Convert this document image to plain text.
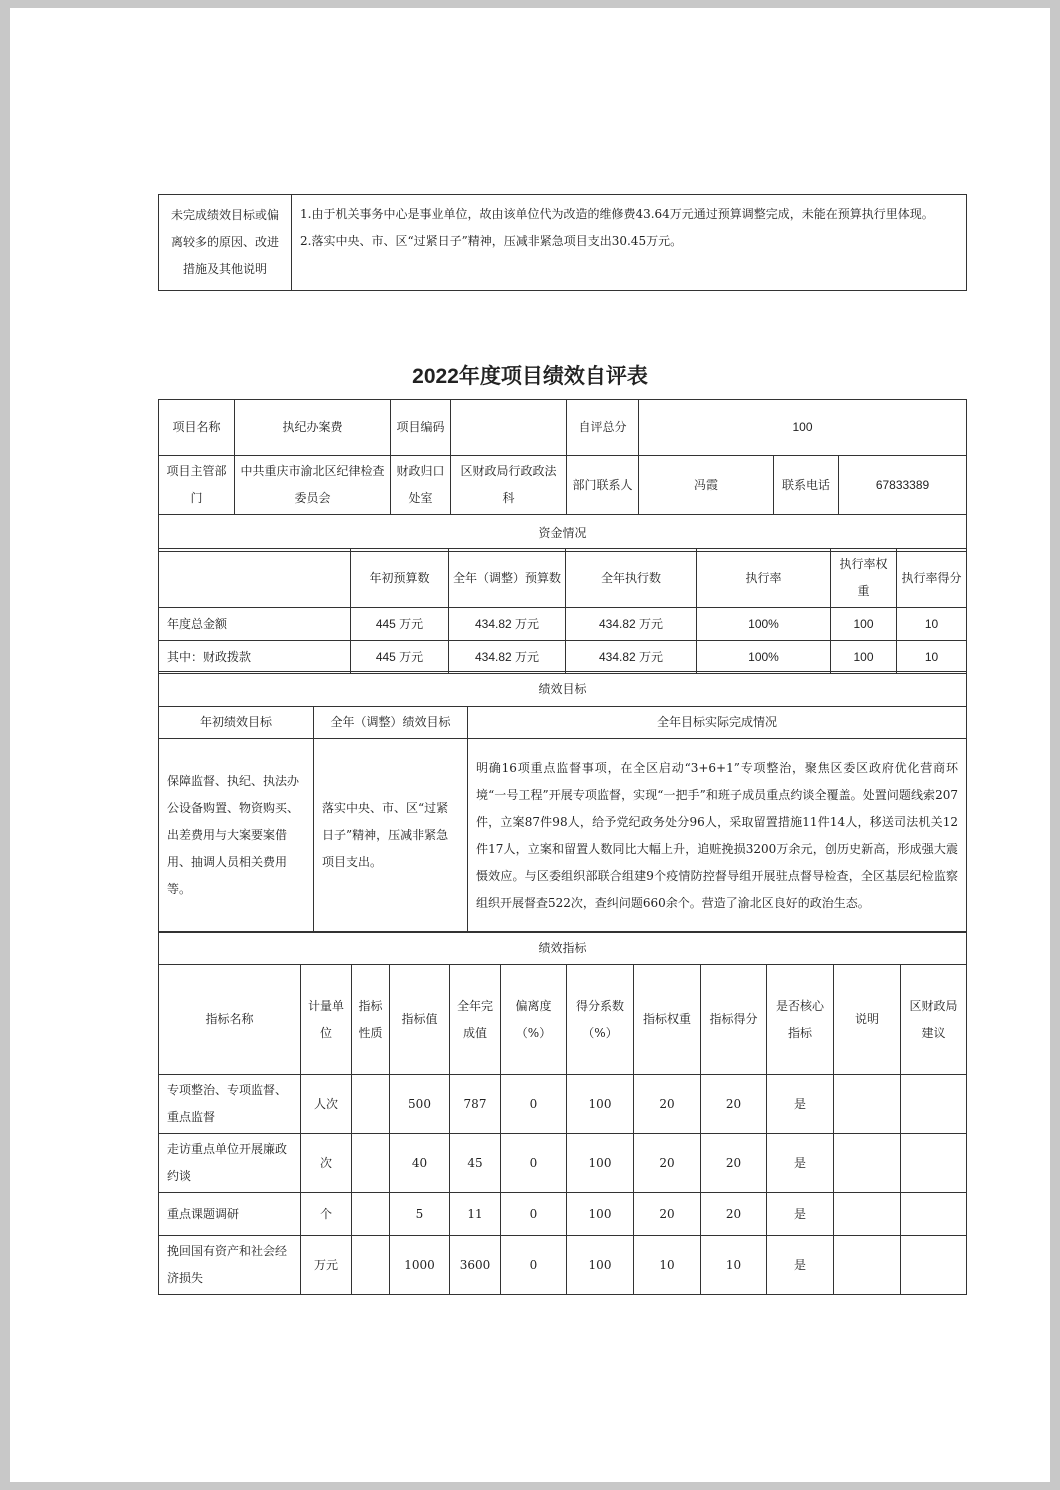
未完成绩效目标或偏离较多的原因、改进措施及其他说明	
1.由于机关事务中心是事业单位，故由该单位代为改造的维修费43.64万元通过预算调整完成，未能在预算执行里体现。
2.落实中央、市、区“过紧日子”精神，压减非紧急项目支出30.45万元。
2022年度项目绩效自评表
项目名称	执纪办案费	项目编码		自评总分	100		
项目主管部门	中共重庆市渝北区纪律检查委员会	财政归口处室	区财政局行政政法科	部门联系人	冯霞	联系电话	67833389
资金情况							
	年初预算数	全年（调整）预算数	全年执行数	执行率	执行率权重	执行率得分
年度总金额	445 万元	434.82 万元	434.82 万元	100%	100	10
其中：财政拨款	445 万元	434.82 万元	434.82 万元	100%	100	10
绩效目标		
年初绩效目标	全年（调整）绩效目标	全年目标实际完成情况
保障监督、执纪、执法办公设备购置、物资购买、出差费用与大案要案借用、抽调人员相关费用等。	落实中央、市、区“过紧日子”精神，压减非紧急项目支出。	明确16项重点监督事项，在全区启动“3+6+1”专项整治，聚焦区委区政府优化营商环境“一号工程”开展专项监督，实现“一把手”和班子成员重点约谈全覆盖。处置问题线索207件，立案87件98人，给予党纪政务处分96人，采取留置措施11件14人，移送司法机关12件17人，立案和留置人数同比大幅上升，追赃挽损3200万余元，创历史新高，形成强大震慑效应。与区委组织部联合组建9个疫情防控督导组开展驻点督导检查，全区基层纪检监察组织开展督查522次，查纠问题660余个。营造了渝北区良好的政治生态。
绩效指标											
指标名称	计量单位	指标性质	指标值	全年完成值	偏离度（%）	得分系数（%）	指标权重	指标得分	是否核心指标	说明	区财政局建议
专项整治、专项监督、重点监督	人次		500	787	0	100	20	20	是		
走访重点单位开展廉政约谈	次		40	45	0	100	20	20	是		
重点课题调研	个		5	11	0	100	20	20	是		
挽回国有资产和社会经济损失	万元		1000	3600	0	100	10	10	是		
